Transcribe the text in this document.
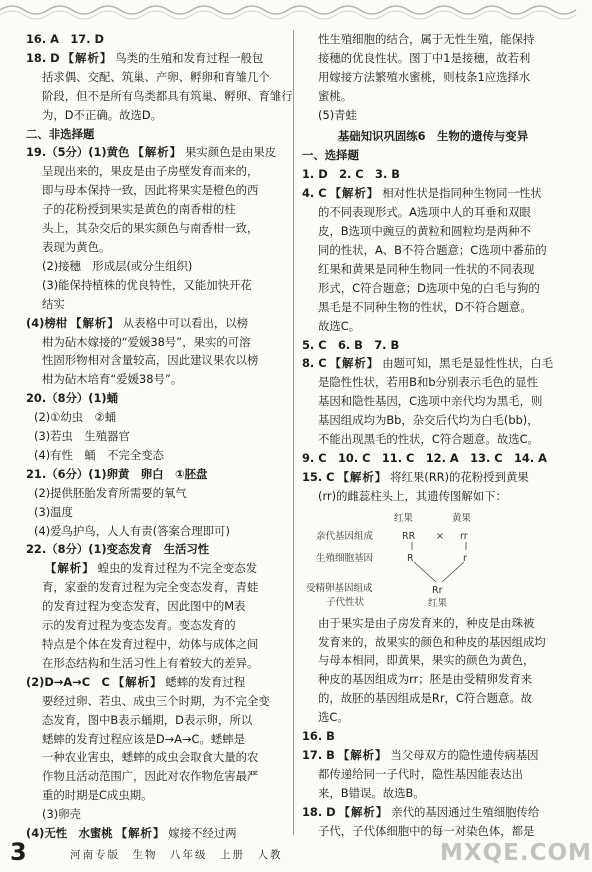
16. A　17. D
18. D 【 解析 】 鸟类的生殖和发育过程一般包
括求偶、交配、筑巢、产卵、孵卵和育雏几个
阶段，但不是所有鸟类都具有筑巢、孵卵、育雏行
为，D不正确。故选D。
二、非选择题
19.（5分）(1)黄色 【 解析 】 果实颜色是由果皮
呈现出来的，果皮是由子房壁发育而来的，
即与母本保持一致，因此将果实是橙色的西
子的花粉授到果实是黄色的南香柑的柱
头上，其杂交后的果实颜色与南香柑一致，
表现为黄色。
(2)接穗　形成层(或分生组织)
(3)能保持植株的优良特性，又能加快开花
结实
(4)榜柑 【 解析 】 从表格中可以看出，以榜
柑为砧木嫁接的“爱媛38号”，果实的可溶
性固形物相对含量较高，因此建议果农以榜
柑为砧木培育“爱媛38号”。
20.（8分）(1)蛹
(2)①幼虫　②蛹
(3)若虫　生殖器官
(4)有性　蛹　不完全变态
21.（6分）(1)卵黄　卵白　①胚盘
(2)提供胚胎发育所需要的氧气
(3)温度
(4)爱鸟护鸟，人人有责(答案合理即可)
22.（8分）(1)变态发育　生活习性
【 解析 】 蝗虫的发育过程为不完全变态发
育，家蚕的发育过程为完全变态发育，青蛙
的发育过程为变态发育，因此图中的M表
示的发育过程为变态发育。变态发育的
特点是个体在发育过程中，幼体与成体之间
在形态结构和生活习性上有着较大的差异。
(2)D→A→C　C 【 解析 】 蟋蟀的发育过程
要经过卵、若虫、成虫三个时期，为不完全变
态发育，图中B表示蛹期，D表示卵，所以
蟋蟀的发育过程应该是D→A→C。蟋蟀是
一种农业害虫，蟋蟀的成虫会取食大量的农
作物且活动范围广，因此对农作物危害最严
重的时期是C成虫期。
(3)卵壳
(4)无性　水蜜桃 【 解析 】 嫁接不经过两
性生殖细胞的结合，属于无性生殖，能保持
接穗的优良性状。图丁中1是接穗，故若利
用嫁接方法繁殖水蜜桃，则枝条1应选择水
蜜桃。
(5)青蛙
基础知识巩固练6　生物的遗传与变异
一、选择题
1. D　2. C　3. B
4. C 【 解析 】 相对性状是指同种生物同一性状
的不同表现形式。A选项中人的耳垂和双眼
皮，B选项中豌豆的黄粒和圆粒均是两种不
同的性状，A、B不符合题意；C选项中番茄的
红果和黄果是同种生物同一性状的不同表现
形式，C符合题意；D选项中兔的白毛与狗的
黑毛是不同种生物的性状，D不符合题意。
故选C。
5. C　6. B　7. B
8. C 【 解析 】 由题可知，黑毛是显性性状，白毛
是隐性性状，若用B和b分别表示毛色的显性
基因和隐性基因，C选项中亲代均为黑毛，则
基因组成均为Bb，杂交后代均为白毛(bb)，
不能出现黑毛的性状，C符合题意。故选C。
9. C　10. C　11. C　12. A　13. C　14. A
15. C 【 解析 】 将红果(RR)的花粉授到黄果
(rr)的雌蕊柱头上，其遗传图解如下：
红果	黄果
亲代基因组成	RR × rr
生殖细胞基因	R	r
受精卵基因组成	Rr
子代性状	红果
由于果实是由子房发育来的，种皮是由珠被
发育来的，故果实的颜色和种皮的基因组成均
与母本相同，即黄果，果实的颜色为黄色，
种皮的基因组成为rr；胚是由受精卵发育来
的，故胚的基因组成是Rr，C符合题意。故
选C。
16. B
17. B 【 解析 】 当父母双方的隐性遗传病基因
都传递给同一子代时，隐性基因能表达出
来，B错误。故选B。
18. D 【 解析 】 亲代的基因通过生殖细胞传给
子代，子代体细胞中的每一对染色体，都是
3	河南专版　生物　八年级　上册　人教	MXQE.COM
